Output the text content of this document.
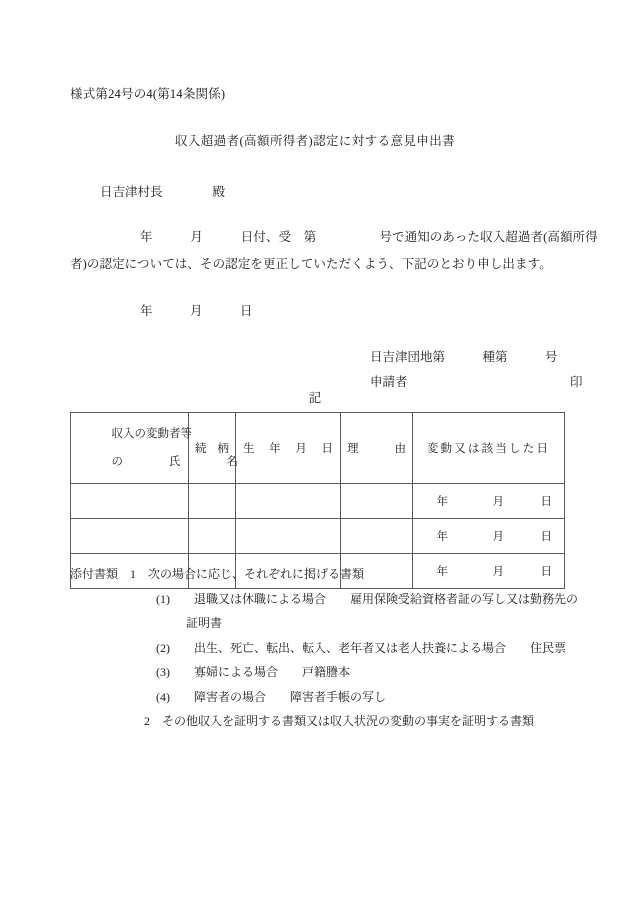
様式第24号の4(第14条関係)
収入超過者(高額所得者)認定に対する意見申出書
日吉津村長　　　　殿
年　　　月　　　日付、受　第　　　　　号で通知のあった収入超過者(高額所得
者)の認定については、その認定を更正していただくよう、下記のとおり申し出ます。
年　　　月　　　日
日吉津団地第　　　種第　　　号
申請者　　　　　　　　　　　　　印
記

収入の変動者等

の　　　　氏　　　　名	続 柄	生 年 月 日	理 由	変動又は該当した日

				年 月 日

				年 月 日

				年 月 日
添付書類　1　次の場合に応じ、それぞれに掲げる書類
(1)　　退職又は休職による場合　　雇用保険受給資格者証の写し又は勤務先の
証明書
(2)　　出生、死亡、転出、転入、老年者又は老人扶養による場合　　住民票
(3)　　寡婦による場合　　戸籍謄本
(4)　　障害者の場合　　障害者手帳の写し
2　その他収入を証明する書類又は収入状況の変動の事実を証明する書類
